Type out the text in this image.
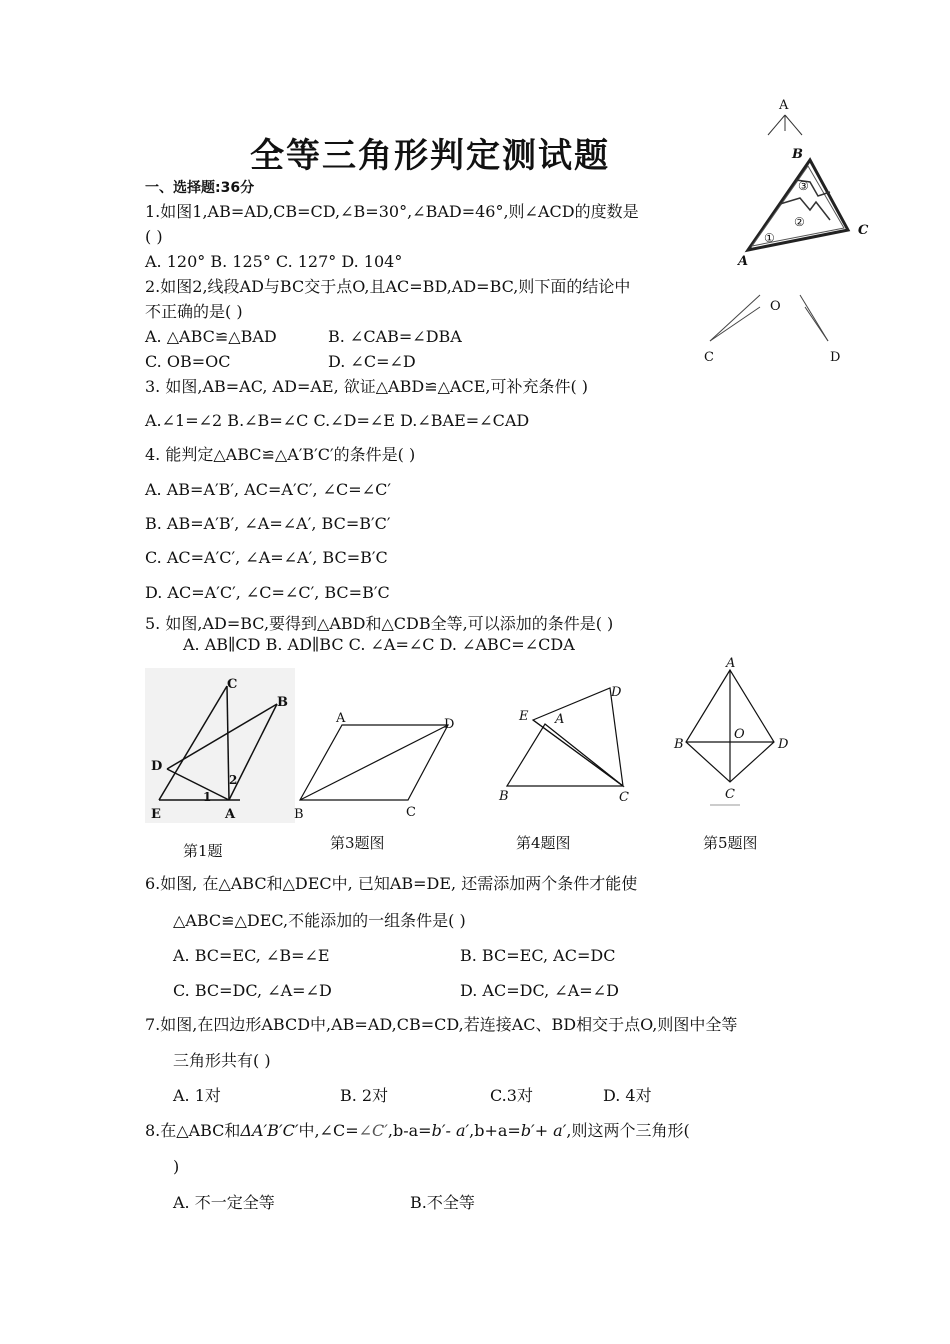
全等三角形判定测试题
一、选择题:36分
1.如图1,AB=AD,CB=CD,∠B=30°,∠BAD=46°,则∠ACD的度数是
( )
A. 120° B. 125° C. 127° D. 104°
2.如图2,线段AD与BC交于点O,且AC=BD,AD=BC,则下面的结论中
不正确的是( )
A. △ABC≌△BAD	B. ∠CAB=∠DBA
C. OB=OC	D. ∠C=∠D
3. 如图,AB=AC, AD=AE, 欲证△ABD≌△ACE,可补充条件( )
A.∠1=∠2 B.∠B=∠C C.∠D=∠E D.∠BAE=∠CAD
4. 能判定△ABC≌△A′B′C′的条件是( )
A. AB=A′B′, AC=A′C′, ∠C=∠C′
B. AB=A′B′, ∠A=∠A′, BC=B′C′
C. AC=A′C′, ∠A=∠A′, BC=B′C
D. AC=A′C′, ∠C=∠C′, BC=B′C
5. 如图,AD=BC,要得到△ABD和△CDB全等,可以添加的条件是( )
A. AB∥CD B. AD∥BC C. ∠A=∠C D. ∠ABC=∠CDA
第1题	第3题图	第4题图	第5题图
6.如图, 在△ABC和△DEC中, 已知AB=DE, 还需添加两个条件才能使
△ABC≌△DEC,不能添加的一组条件是( )
A. BC=EC, ∠B=∠E	B. BC=EC, AC=DC
C. BC=DC, ∠A=∠D	D. AC=DC, ∠A=∠D
7.如图,在四边形ABCD中,AB=AD,CB=CD,若连接AC、BD相交于点O,则图中全等
三角形共有( )
A. 1对	B. 2对	C.3对	D. 4对
8.在△ABC和ΔA′B′C′中,∠C=∠C′,b-a=b′- a′,b+a=b′+ a′,则这两个三角形(
)
A. 不一定全等	B.不全等
A
B
A
C
①
②
③
O
C	D
C
B
D
2
E
1
A
A	D
B	C
D
E A
B	C
A
B
O
D
C
